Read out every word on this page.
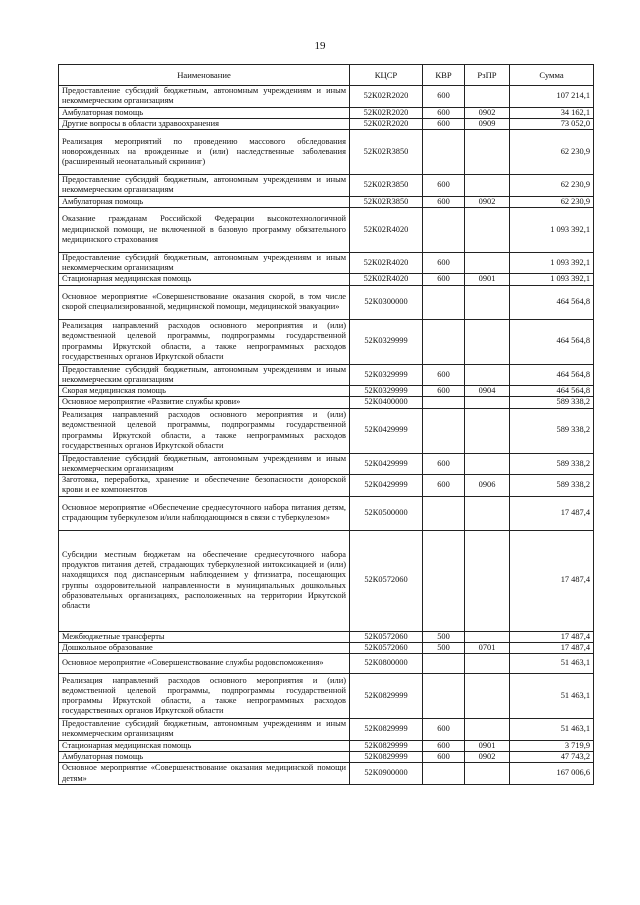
19
Наименование	КЦСР	КВР	РзПР	Сумма
Предоставление субсидий бюджетным, автономным учреждениям и иным некоммерческим организациям	52К02R2020	600		107 214,1
Амбулаторная помощь	52К02R2020	600	0902	34 162,1
Другие вопросы в области здравоохранения	52К02R2020	600	0909	73 052,0
Реализация мероприятий по проведению массового обследования новорожденных на врожденные и (или) наследственные заболевания (расширенный неонатальный скрининг)	52К02R3850			62 230,9
Предоставление субсидий бюджетным, автономным учреждениям и иным некоммерческим организациям	52К02R3850	600		62 230,9
Амбулаторная помощь	52К02R3850	600	0902	62 230,9
Оказание гражданам Российской Федерации высокотехнологичной медицинской помощи, не включенной в базовую программу обязательного медицинского страхования	52К02R4020			1 093 392,1
Предоставление субсидий бюджетным, автономным учреждениям и иным некоммерческим организациям	52К02R4020	600		1 093 392,1
Стационарная медицинская помощь	52К02R4020	600	0901	1 093 392,1
Основное мероприятие «Совершенствование оказания скорой, в том числе скорой специализированной, медицинской помощи, медицинской эвакуации»	52К0300000			464 564,8
Реализация направлений расходов основного мероприятия и (или) ведомственной целевой программы, подпрограммы государственной программы Иркутской области, а также непрограммных расходов государственных органов Иркутской области	52К0329999			464 564,8
Предоставление субсидий бюджетным, автономным учреждениям и иным некоммерческим организациям	52К0329999	600		464 564,8
Скорая медицинская помощь	52К0329999	600	0904	464 564,8
Основное мероприятие «Развитие службы крови»	52К0400000			589 338,2
Реализация направлений расходов основного мероприятия и (или) ведомственной целевой программы, подпрограммы государственной программы Иркутской области, а также непрограммных расходов государственных органов Иркутской области	52К0429999			589 338,2
Предоставление субсидий бюджетным, автономным учреждениям и иным некоммерческим организациям	52К0429999	600		589 338,2
Заготовка, переработка, хранение и обеспечение безопасности донорской крови и ее компонентов	52К0429999	600	0906	589 338,2
Основное мероприятие «Обеспечение среднесуточного набора питания детям, страдающим туберкулезом и/или наблюдающимся в связи с туберкулезом»	52К0500000			17 487,4
Субсидии местным бюджетам на обеспечение среднесуточного набора продуктов питания детей, страдающих туберкулезной интоксикацией и (или) находящихся под диспансерным наблюдением у фтизиатра, посещающих группы оздоровительной направленности в муниципальных дошкольных образовательных организациях, расположенных на территории Иркутской области	52К0572060			17 487,4
Межбюджетные трансферты	52К0572060	500		17 487,4
Дошкольное образование	52К0572060	500	0701	17 487,4
Основное мероприятие «Совершенствование службы родовспоможения»	52К0800000			51 463,1
Реализация направлений расходов основного мероприятия и (или) ведомственной целевой программы, подпрограммы государственной программы Иркутской области, а также непрограммных расходов государственных органов Иркутской области	52К0829999			51 463,1
Предоставление субсидий бюджетным, автономным учреждениям и иным некоммерческим организациям	52К0829999	600		51 463,1
Стационарная медицинская помощь	52К0829999	600	0901	3 719,9
Амбулаторная помощь	52К0829999	600	0902	47 743,2
Основное мероприятие «Совершенствование оказания медицинской помощи детям»	52К0900000			167 006,6
